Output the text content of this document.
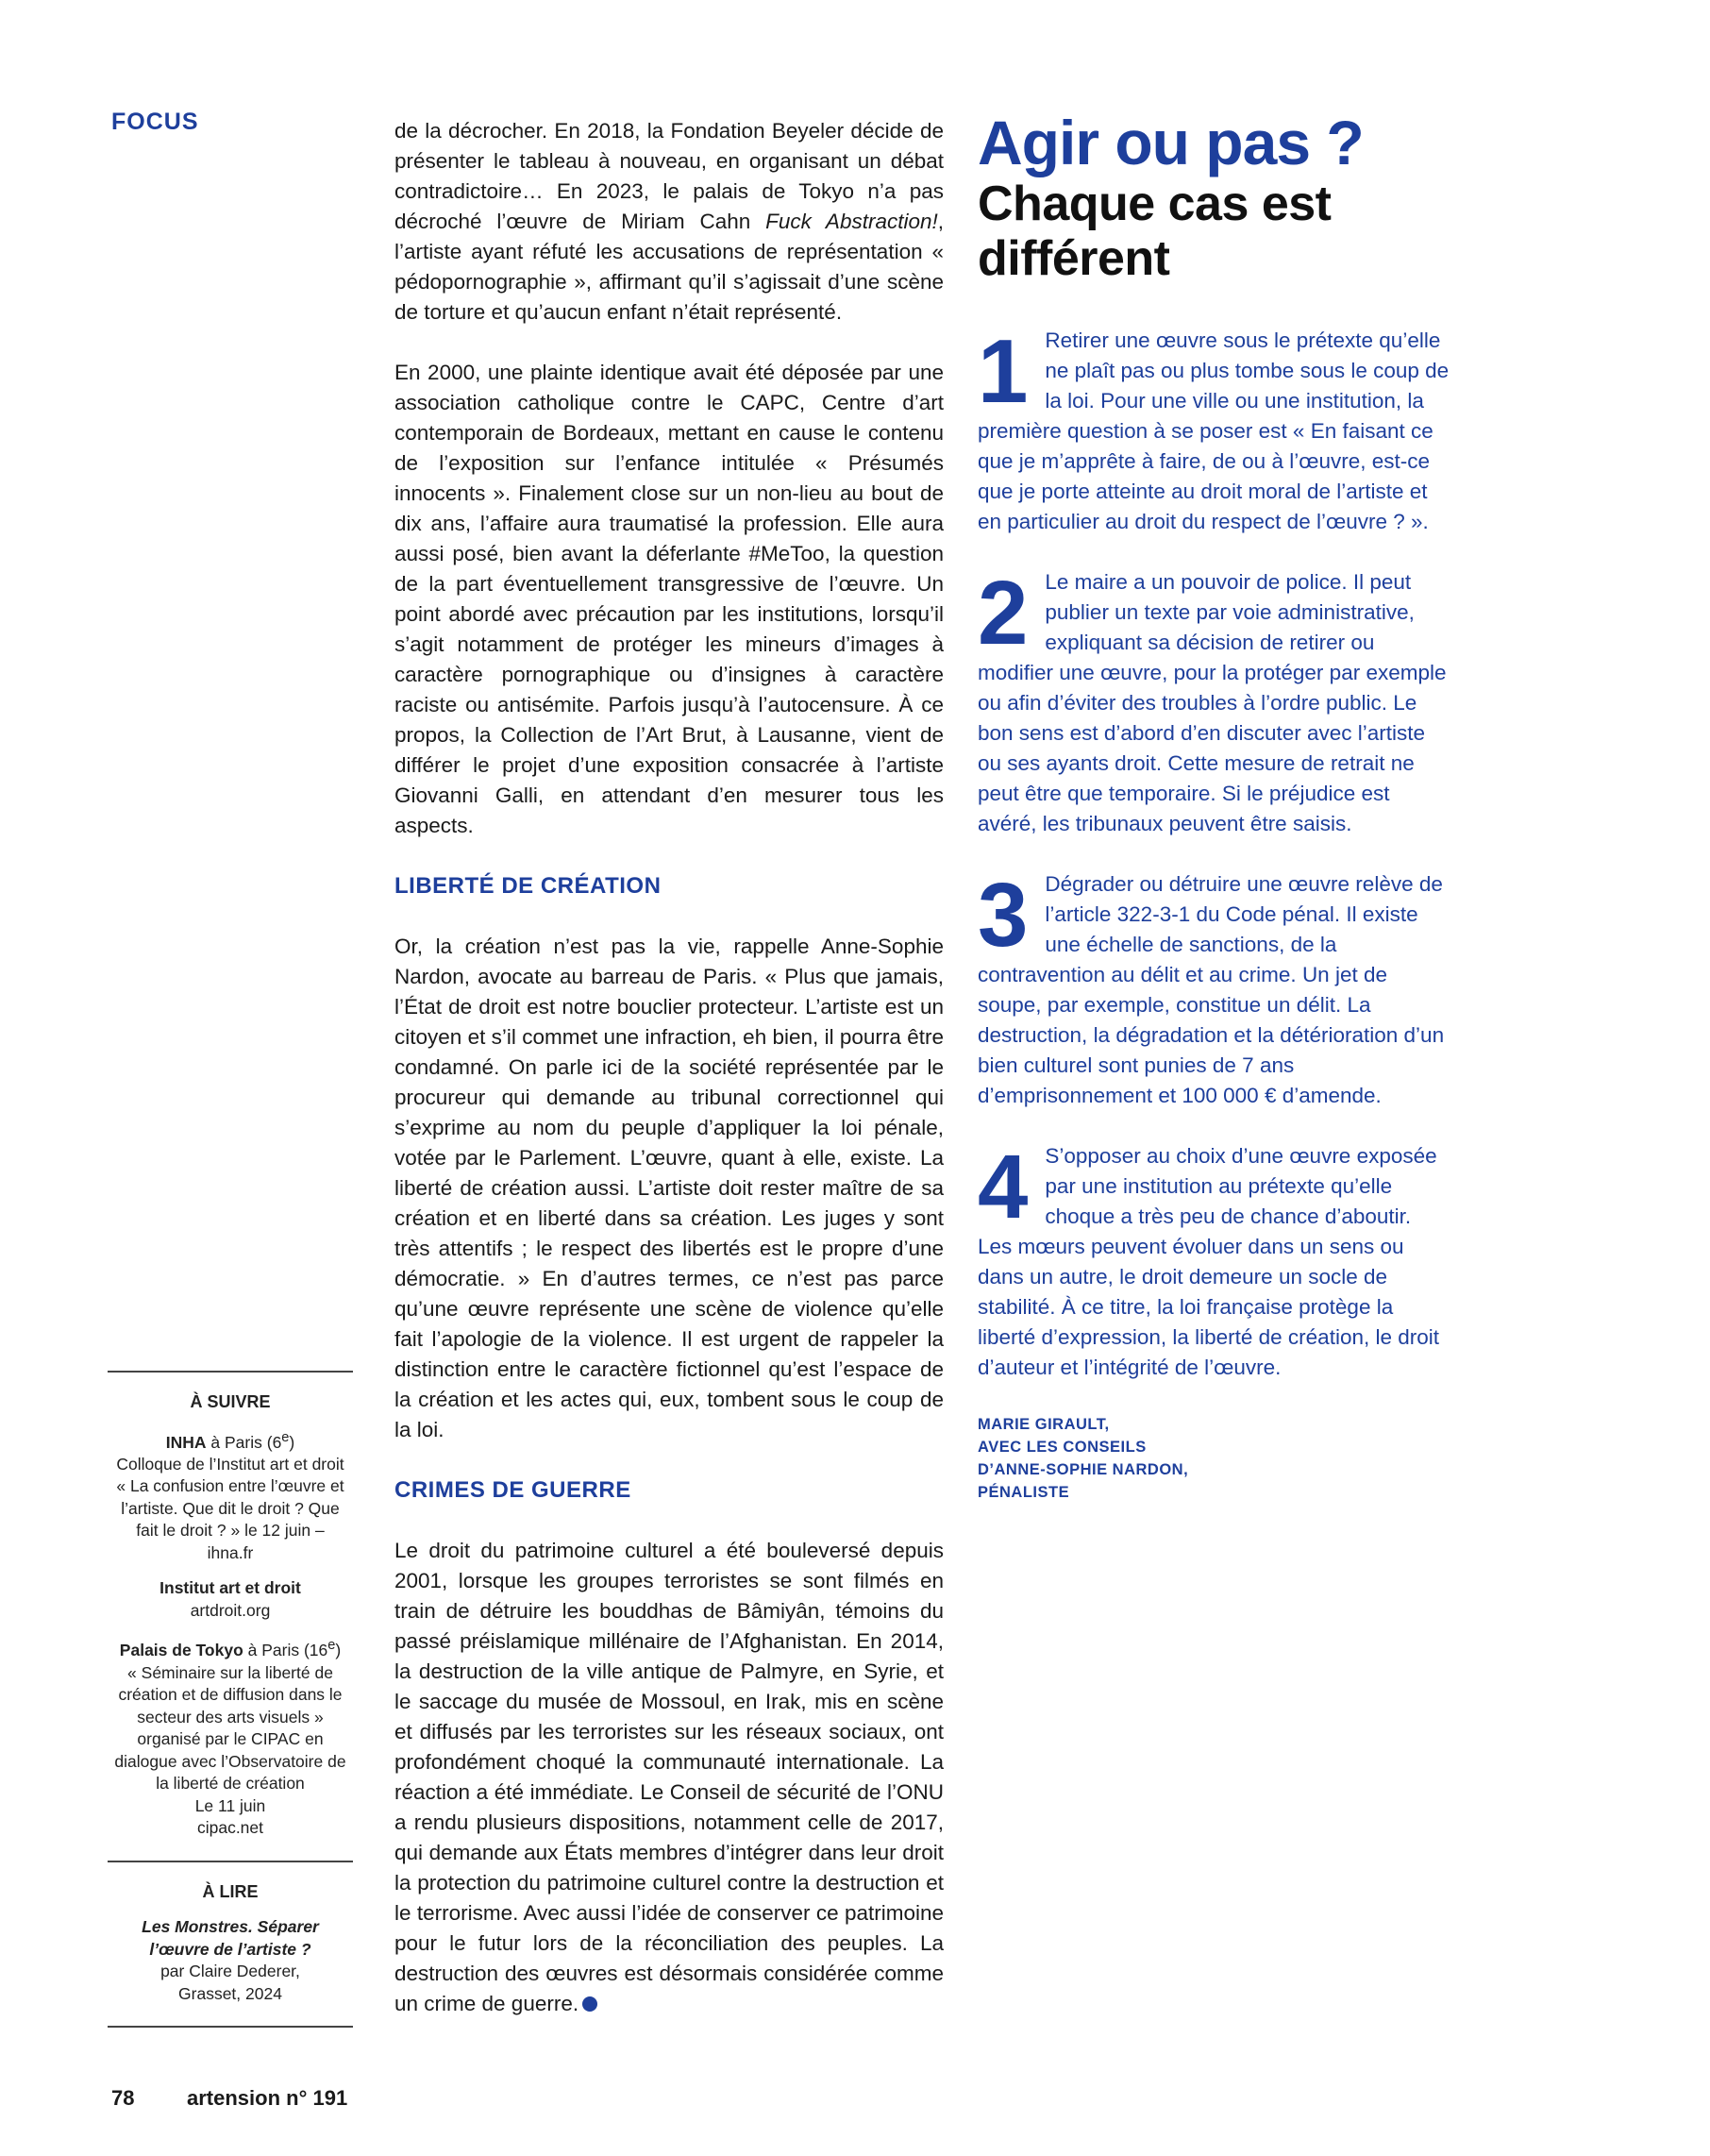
FOCUS

À SUIVRE

INHA à Paris (6e)

Colloque de l’Institut art et droit « La confusion entre l’œuvre et l’artiste. Que dit le droit ? Que fait le droit ? » le 12 juin – ihna.fr

Institut art et droit

artdroit.org

Palais de Tokyo à Paris (16e)

« Séminaire sur la liberté de création et de diffusion dans le secteur des arts visuels » organisé par le CIPAC en dialogue avec l’Observatoire de la liberté de création

Le 11 juin

cipac.net

À LIRE

Les Monstres. Séparer l’œuvre de l’artiste ?

par Claire Dederer,

Grasset, 2024

de la décrocher. En 2018, la Fondation Beyeler décide de présenter le tableau à nouveau, en organisant un débat contradictoire… En 2023, le palais de Tokyo n’a pas décroché l’œuvre de Miriam Cahn Fuck Abstraction!, l’artiste ayant réfuté les accusations de représentation « pédopornographie », affirmant qu’il s’agissait d’une scène de torture et qu’aucun enfant n’était représenté.

En 2000, une plainte identique avait été déposée par une association catholique contre le CAPC, Centre d’art contemporain de Bordeaux, mettant en cause le contenu de l’exposition sur l’enfance intitulée « Présumés innocents ». Finalement close sur un non-lieu au bout de dix ans, l’affaire aura traumatisé la profession. Elle aura aussi posé, bien avant la déferlante #MeToo, la question de la part éventuellement transgressive de l’œuvre. Un point abordé avec précaution par les institutions, lorsqu’il s’agit notamment de protéger les mineurs d’images à caractère pornographique ou d’insignes à caractère raciste ou antisémite. Parfois jusqu’à l’autocensure. À ce propos, la Collection de l’Art Brut, à Lausanne, vient de différer le projet d’une exposition consacrée à l’artiste Giovanni Galli, en attendant d’en mesurer tous les aspects.

LIBERTÉ DE CRÉATION

Or, la création n’est pas la vie, rappelle Anne-Sophie Nardon, avocate au barreau de Paris. « Plus que jamais, l’État de droit est notre bouclier protecteur. L’artiste est un citoyen et s’il commet une infraction, eh bien, il pourra être condamné. On parle ici de la société représentée par le procureur qui demande au tribunal correctionnel qui s’exprime au nom du peuple d’appliquer la loi pénale, votée par le Parlement. L’œuvre, quant à elle, existe. La liberté de création aussi. L’artiste doit rester maître de sa création et en liberté dans sa création. Les juges y sont très attentifs ; le respect des libertés est le propre d’une démocratie. » En d’autres termes, ce n’est pas parce qu’une œuvre représente une scène de violence qu’elle fait l’apologie de la violence. Il est urgent de rappeler la distinction entre le caractère fictionnel qu’est l’espace de la création et les actes qui, eux, tombent sous le coup de la loi.

CRIMES DE GUERRE

Le droit du patrimoine culturel a été bouleversé depuis 2001, lorsque les groupes terroristes se sont filmés en train de détruire les bouddhas de Bâmiyân, témoins du passé préislamique millénaire de l’Afghanistan. En 2014, la destruction de la ville antique de Palmyre, en Syrie, et le saccage du musée de Mossoul, en Irak, mis en scène et diffusés par les terroristes sur les réseaux sociaux, ont profondément choqué la communauté internationale. La réaction a été immédiate. Le Conseil de sécurité de l’ONU a rendu plusieurs dispositions, notamment celle de 2017, qui demande aux États membres d’intégrer dans leur droit la protection du patrimoine culturel contre la destruction et le terrorisme. Avec aussi l’idée de conserver ce patrimoine pour le futur lors de la réconciliation des peuples. La destruction des œuvres est désormais considérée comme un crime de guerre.

Agir ou pas ?
Chaque cas est différent
1 Retirer une œuvre sous le prétexte qu’elle ne plaît pas ou plus tombe sous le coup de la loi. Pour une ville ou une institution, la première question à se poser est « En faisant ce que je m’apprête à faire, de ou à l’œuvre, est-ce que je porte atteinte au droit moral de l’artiste et en particulier au droit du respect de l’œuvre ? ».
2 Le maire a un pouvoir de police. Il peut publier un texte par voie administrative, expliquant sa décision de retirer ou modifier une œuvre, pour la protéger par exemple ou afin d’éviter des troubles à l’ordre public. Le bon sens est d’abord d’en discuter avec l’artiste ou ses ayants droit. Cette mesure de retrait ne peut être que temporaire. Si le préjudice est avéré, les tribunaux peuvent être saisis.
3 Dégrader ou détruire une œuvre relève de l’article 322-3-1 du Code pénal. Il existe une échelle de sanctions, de la contravention au délit et au crime. Un jet de soupe, par exemple, constitue un délit. La destruction, la dégradation et la détérioration d’un bien culturel sont punies de 7 ans d’emprisonnement et 100 000 € d’amende.
4 S’opposer au choix d’une œuvre exposée par une institution au prétexte qu’elle choque a très peu de chance d’aboutir. Les mœurs peuvent évoluer dans un sens ou dans un autre, le droit demeure un socle de stabilité. À ce titre, la loi française protège la liberté d’expression, la liberté de création, le droit d’auteur et l’intégrité de l’œuvre.

MARIE GIRAULT,
AVEC LES CONSEILS
D’ANNE-SOPHIE NARDON,
PÉNALISTE

78	artension n° 191
